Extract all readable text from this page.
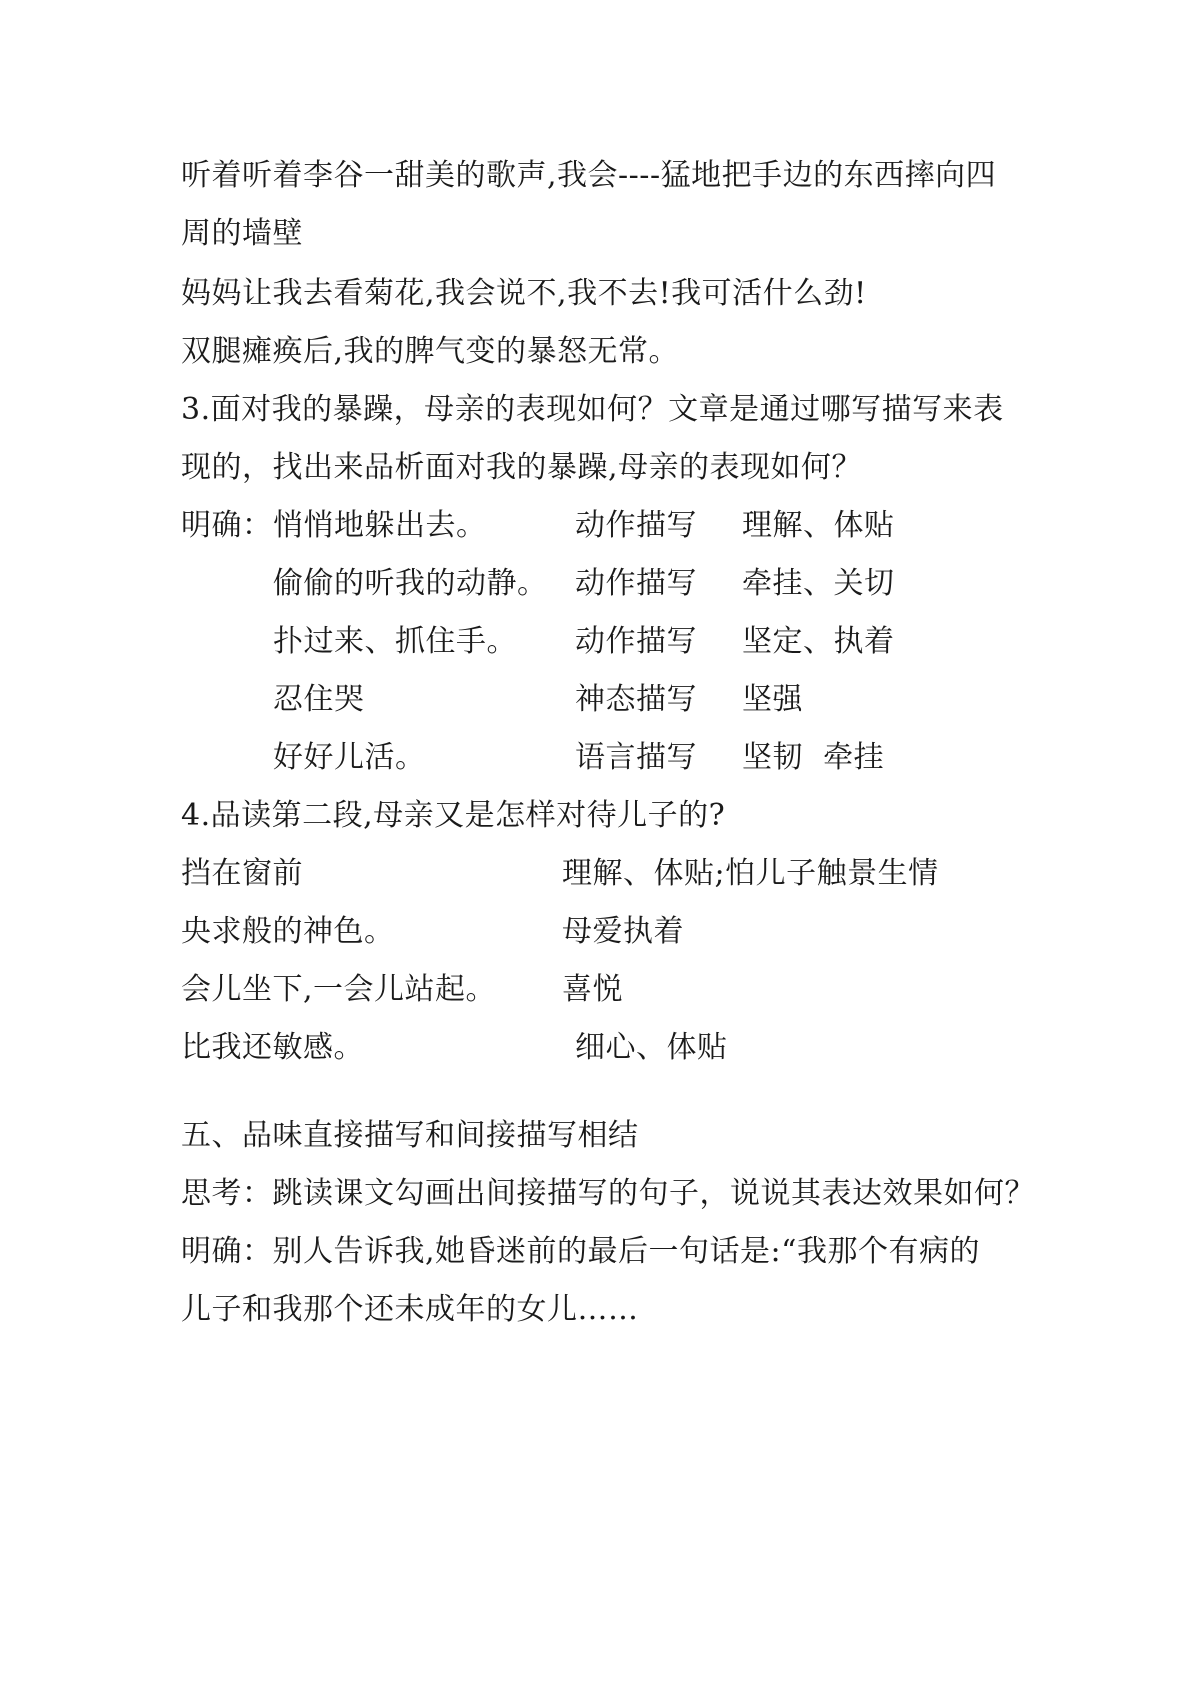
听着听着李谷一甜美的歌声,我会----猛地把手边的东西摔向四
周的墙壁
妈妈让我去看菊花,我会说不,我不去!我可活什么劲!
双腿瘫痪后,我的脾气变的暴怒无常。
3.面对我的暴躁，母亲的表现如何？文章是通过哪写描写来表
现的，找出来品析面对我的暴躁,母亲的表现如何？
明确： 悄悄地躲出去。	动作描写 理解、体贴
偷偷的听我的动静。 动作描写 牵挂、关切
扑过来、抓住手。 动作描写 坚定、执着
忍住哭	神态描写 坚强
好好儿活。	语言描写 坚韧  牵挂
4.品读第二段,母亲又是怎样对待儿子的?
挡在窗前	理解、体贴;怕儿子触景生情
央求般的神色。	母爱执着
会儿坐下,一会儿站起。 喜悦
比我还敏感。	细心、体贴
五、品味直接描写和间接描写相结
思考：跳读课文勾画出间接描写的句子，说说其表达效果如何？
明确：别人告诉我,她昏迷前的最后一句话是:“我那个有病的
儿子和我那个还未成年的女儿……
